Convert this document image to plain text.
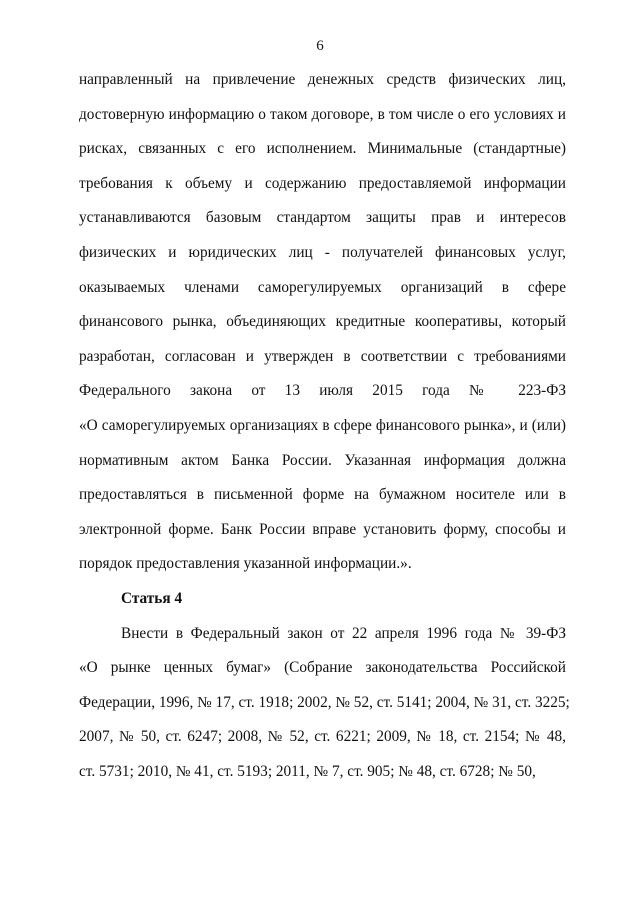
6
направленный на привлечение денежных средств физических лиц,
достоверную информацию о таком договоре, в том числе о его условиях и
рисках, связанных с его исполнением. Минимальные (стандартные)
требования к объему и содержанию предоставляемой информации
устанавливаются базовым стандартом защиты прав и интересов
физических и юридических лиц - получателей финансовых услуг,
оказываемых членами саморегулируемых организаций в сфере
финансового рынка, объединяющих кредитные кооперативы, который
разработан, согласован и утвержден в соответствии с требованиями
Федерального закона от 13 июля 2015 года № 223-ФЗ
«О саморегулируемых организациях в сфере финансового рынка», и (или)
нормативным актом Банка России. Указанная информация должна
предоставляться в письменной форме на бумажном носителе или в
электронной форме. Банк России вправе установить форму, способы и
порядок предоставления указанной информации.».
Статья 4
Внести в Федеральный закон от 22 апреля 1996 года № 39-ФЗ
«О рынке ценных бумаг» (Собрание законодательства Российской
Федерации, 1996, № 17, ст. 1918; 2002, № 52, ст. 5141; 2004, № 31, ст. 3225;
2007, № 50, ст. 6247; 2008, № 52, ст. 6221; 2009, № 18, ст. 2154; № 48,
ст. 5731; 2010, № 41, ст. 5193; 2011, № 7, ст. 905; № 48, ст. 6728; № 50,
